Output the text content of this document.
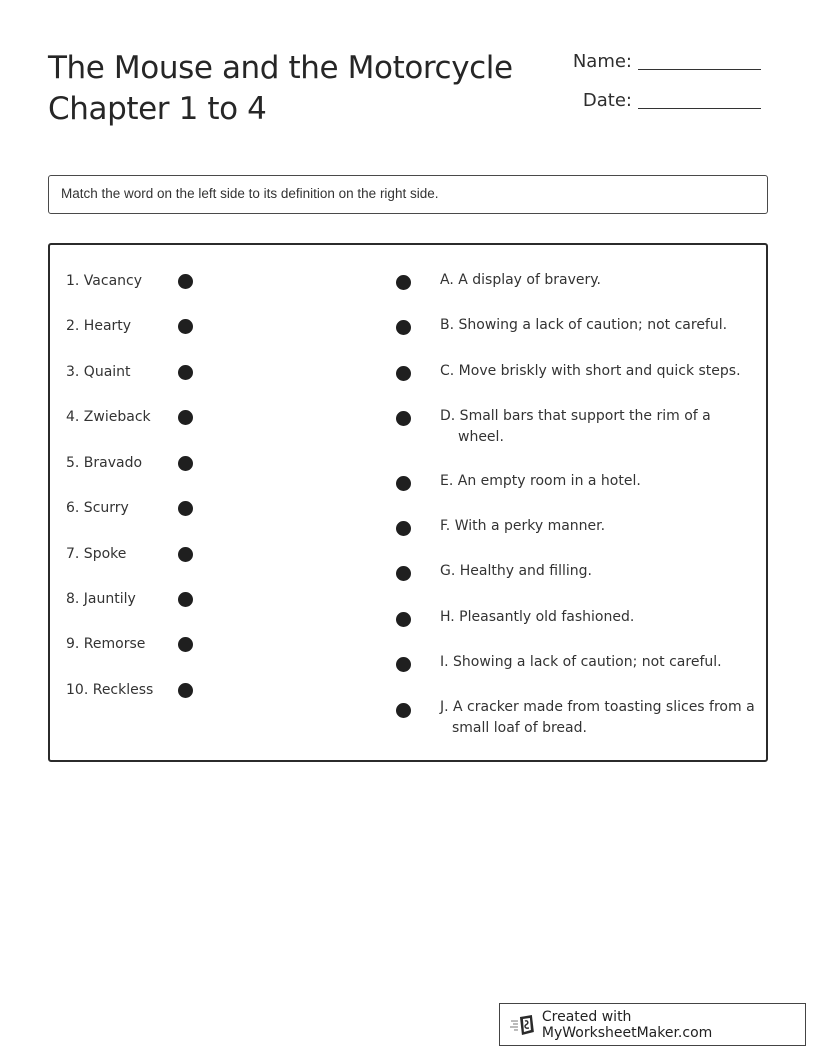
The Mouse and the Motorcycle
Chapter 1 to 4
Name:
Date:
Match the word on the left side to its definition on the right side.
1. Vacancy
2. Hearty
3. Quaint
4. Zwieback
5. Bravado
6. Scurry
7. Spoke
8. Jauntily
9. Remorse
10. Reckless
A. A display of bravery.
B. Showing a lack of caution; not careful.
C. Move briskly with short and quick steps.
D. Small bars that support the rim of a
wheel.
E. An empty room in a hotel.
F. With a perky manner.
G. Healthy and filling.
H. Pleasantly old fashioned.
I. Showing a lack of caution; not careful.
J. A cracker made from toasting slices from a
small loaf of bread.
Created with MyWorksheetMaker.com
